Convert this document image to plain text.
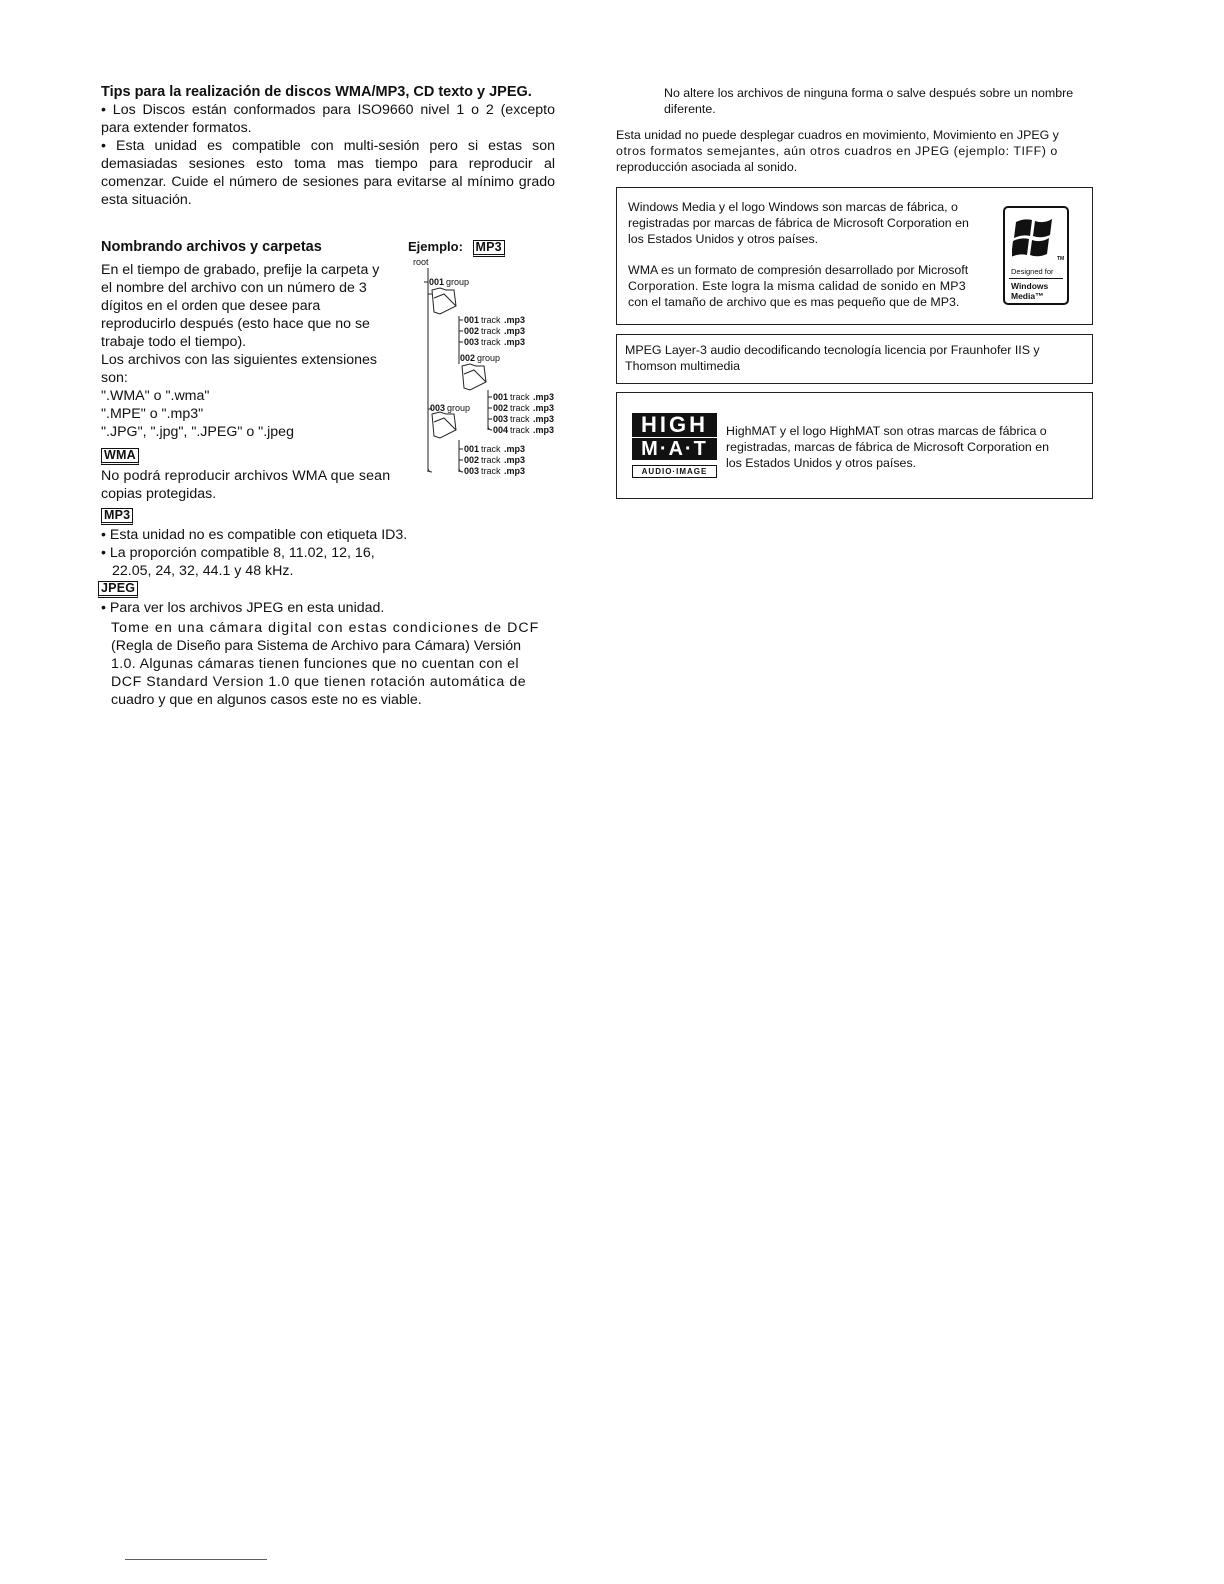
Tips para la realización de discos WMA/MP3, CD texto y JPEG.

• Los Discos están conformados para ISO9660 nivel 1 o 2 (excepto para extender formatos.

• Esta unidad es compatible con multi-sesión pero si estas son demasiadas sesiones esto toma mas tiempo para reproducir al comenzar. Cuide el número de sesiones para evitarse al mínimo grado esta situación.

Nombrando archivos y carpetas
En el tiempo de grabado, prefije la carpeta y
el nombre del archivo con un número de 3
dígitos en el orden que desee para
reproducirlo después (esto hace que no se
trabaje todo el tiempo).
Los archivos con las siguientes extensiones
son:
".WMA" o ".wma"
".MPE" o ".mp3"
".JPG", ".jpg", ".JPEG" o ".jpeg
WMA
No podrá reproducir archivos WMA que sean
copias protegidas.
Ejemplo: MP3
root
001 group
001 track .mp3
002 track .mp3
003 track .mp3
002 group
001 track .mp3
002 track .mp3
003 track .mp3
004 track .mp3
003 group
001 track .mp3
002 track .mp3
003 track .mp3
MP3
• Esta unidad no es compatible con etiqueta ID3.
• La proporción compatible 8, 11.02, 12, 16,
22.05, 24, 32, 44.1 y 48 kHz.
JPEG
• Para ver los archivos JPEG en esta unidad.
Tome en una cámara digital con estas condiciones de DCF
(Regla de Diseño para Sistema de Archivo para Cámara) Versión
1.0. Algunas cámaras tienen funciones que no cuentan con el
DCF Standard Version 1.0 que tienen rotación automática de
cuadro y que en algunos casos este no es viable.
No altere los archivos de ninguna forma o salve después sobre un nombre
diferente.
Esta unidad no puede desplegar cuadros en movimiento, Movimiento en JPEG y
otros formatos semejantes, aún otros cuadros en JPEG (ejemplo: TIFF) o
reproducción asociada al sonido.
Windows Media y el logo Windows son marcas de fábrica, o
registradas por marcas de fábrica de Microsoft Corporation en
los Estados Unidos y otros países.
WMA es un formato de compresión desarrollado por Microsoft
Corporation. Este logra la misma calidad de sonido en MP3
con el tamaño de archivo que es mas pequeño que de MP3.
TM
Designed for
Windows
Media™
MPEG Layer-3 audio decodificando tecnología licencia por Fraunhofer IIS y
Thomson multimedia
HIGH
M·A·T
AUDIO·IMAGE
HighMAT y el logo HighMAT son otras marcas de fábrica o
registradas, marcas de fábrica de Microsoft Corporation en
los Estados Unidos y otros países.
